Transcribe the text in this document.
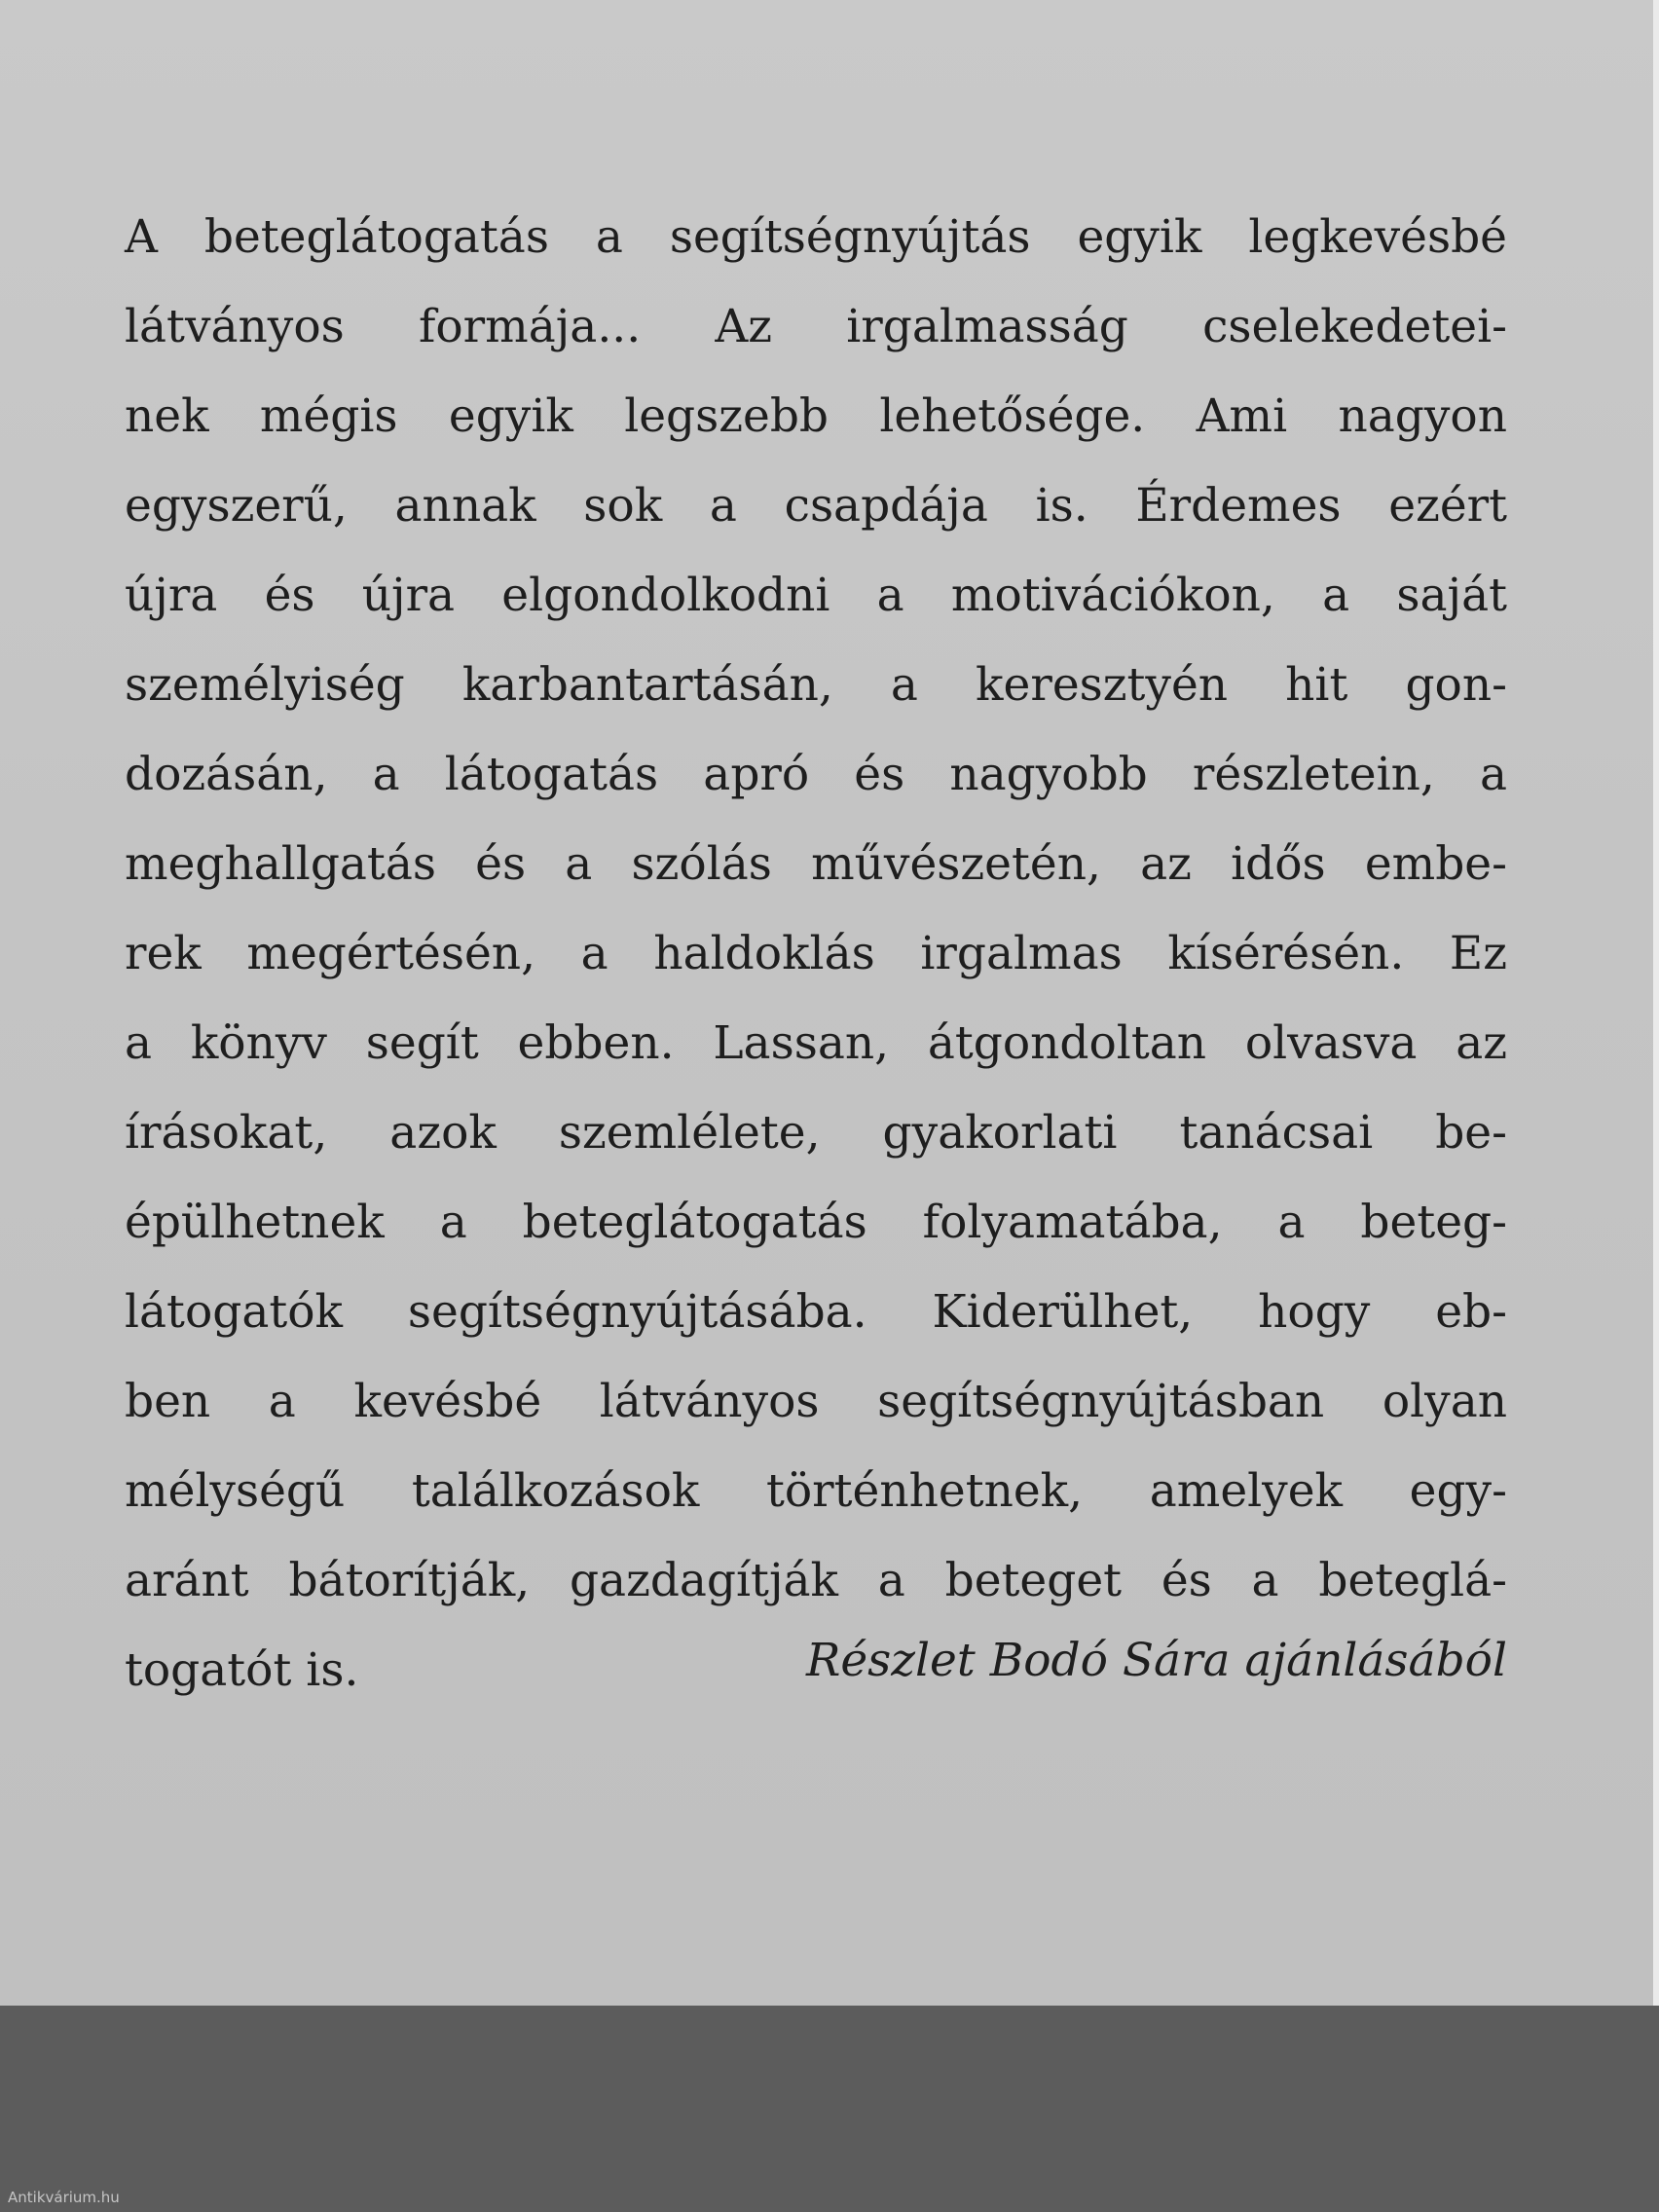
A beteglátogatás a segítségnyújtás egyik legkevésbé
látványos formája... Az irgalmasság cselekedetei-
nek mégis egyik legszebb lehetősége. Ami nagyon
egyszerű, annak sok a csapdája is. Érdemes ezért
újra és újra elgondolkodni a motivációkon, a saját
személyiség karbantartásán, a keresztyén hit gon-
dozásán, a látogatás apró és nagyobb részletein, a
meghallgatás és a szólás művészetén, az idős embe-
rek megértésén, a haldoklás irgalmas kísérésén. Ez
a könyv segít ebben. Lassan, átgondoltan olvasva az
írásokat, azok szemlélete, gyakorlati tanácsai be-
épülhetnek a beteglátogatás folyamatába, a beteg-
látogatók segítségnyújtásába. Kiderülhet, hogy eb-
ben a kevésbé látványos segítségnyújtásban olyan
mélységű találkozások történhetnek, amelyek egy-
aránt bátorítják, gazdagítják a beteget és a beteglá-
togatót is.	Részlet Bodó Sára ajánlásából
Antikvárium.hu
